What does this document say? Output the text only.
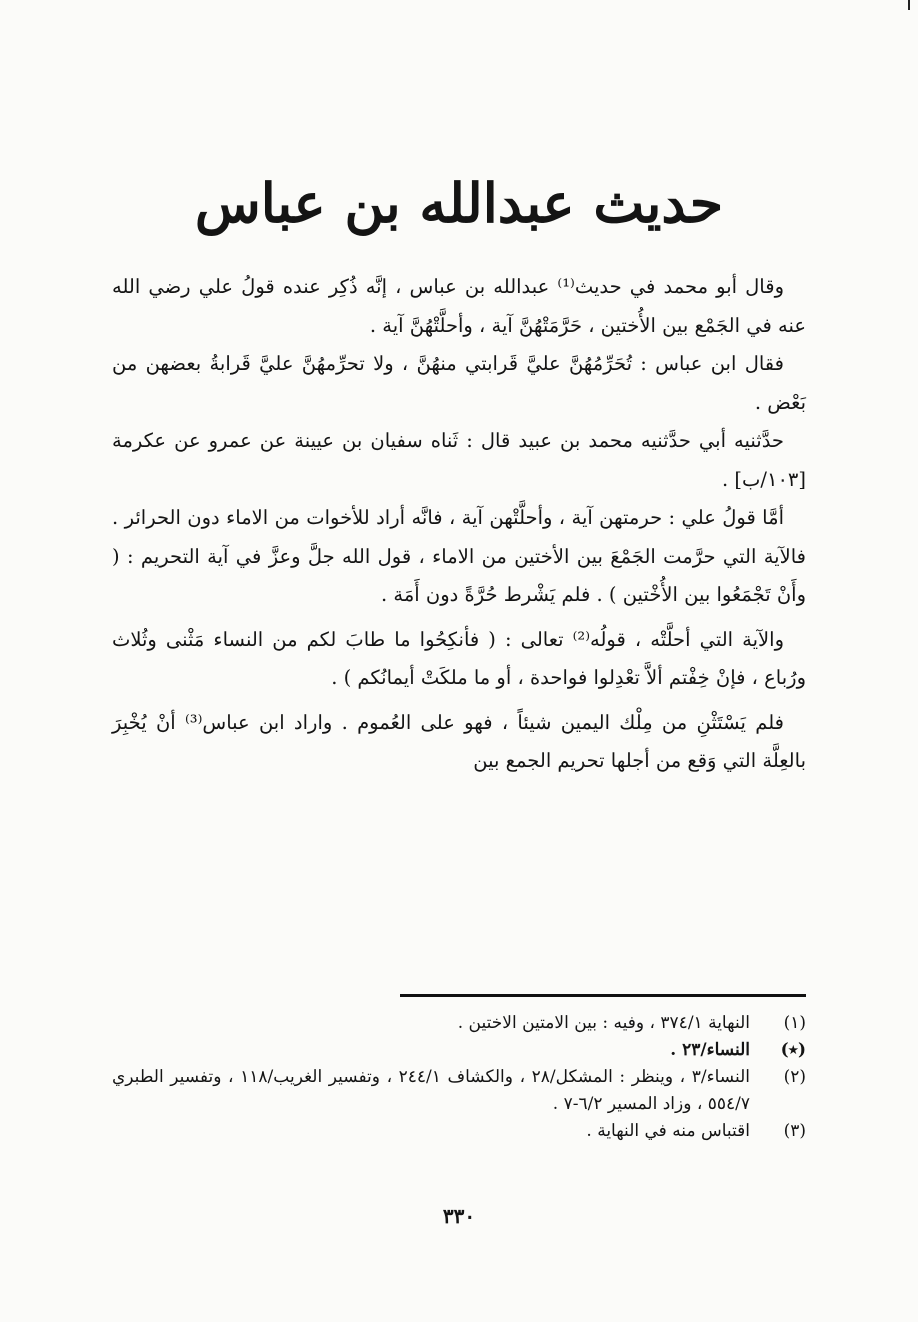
حديث عبدالله بن عباس

وقال أبو محمد في حديث⁽¹⁾ عبدالله بن عباس ، إنَّه ذُكِر عنده قولُ علي رضي الله عنه في الجَمْع بين الأُختين ، حَرَّمَتْهُنَّ آية ، وأحلَّتْهُنَّ آية .

فقال ابن عباس : تُحَرِّمُهُنَّ عليَّ قَرابتي منهُنَّ ، ولا تحرِّمهُنَّ عليَّ قَرابةُ بعضهن من بَعْض .

حدَّثنيه أبي حدَّثنيه محمد بن عبيد قال : ثَناه سفيان بن عيينة عن عمرو عن عكرمة [١٠٣/ب] .

أمَّا قولُ علي : حرمتهن آية ، وأحلَّتْهن آية ، فانَّه أراد للأخوات من الاماء دون الحرائر . فالآية التي حرَّمت الجَمْعَ بين الأختين من الاماء ، قول الله جلَّ وعزَّ في آية التحريم : ( وأَنْ تَجْمَعُوا بين الأُخْتين ) . فلم يَشْرط حُرَّةً دون أَمَة .

والآية التي أحلَّتْه ، قولُه⁽²⁾ تعالى : ( فأنكِحُوا ما طابَ لكم من النساء مَثْنى وثُلاث ورُباع ، فإنْ خِفْتم ألاَّ تعْدِلوا فواحدة ، أو ما ملكَتْ أيمانُكم ) .

فلم يَسْتَثْنِ من مِلْك اليمين شيئاً ، فهو على العُموم . واراد ابن عباس⁽³⁾ أنْ يُخْبِرَ بالعِلَّة التي وَقع من أجلها تحريم الجمع بين

(١)
النهاية ٣٧٤/١ ، وفيه : بين الامتين الاختين .
(٭)
النساء/٢٣ .
(٢)
النساء/٣ ، وينظر : المشكل/٢٨ ، والكشاف ٢٤٤/١ ، وتفسير الغريب/١١٨ ، وتفسير الطبري ٥٥٤/٧ ، وزاد المسير ٦/٢-٧ .
(٣)
اقتباس منه في النهاية .
٣٣٠
